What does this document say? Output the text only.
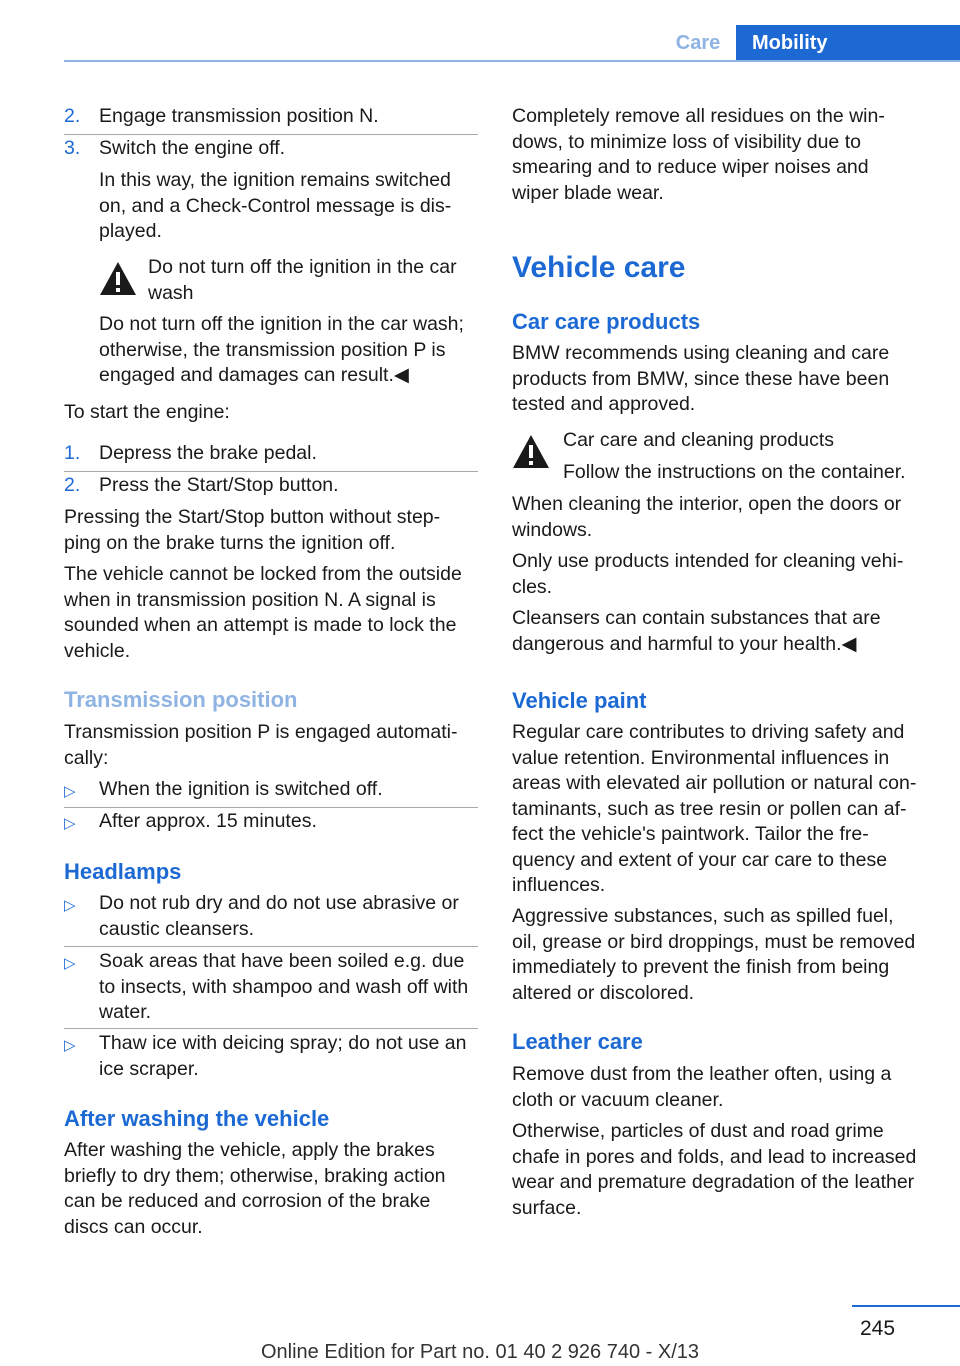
Care	Mobility
2. Engage transmission position N.
3. Switch the engine off.
In this way, the ignition remains switched
on, and a Check-Control message is dis-
played.
Do not turn off the ignition in the car
wash
Do not turn off the ignition in the car wash;
otherwise, the transmission position P is
engaged and damages can result.◀
To start the engine:
1. Depress the brake pedal.
2. Press the Start/Stop button.
Pressing the Start/Stop button without step-
ping on the brake turns the ignition off.
The vehicle cannot be locked from the outside
when in transmission position N. A signal is
sounded when an attempt is made to lock the
vehicle.
Transmission position
Transmission position P is engaged automati-
cally:
▷ When the ignition is switched off.
▷ After approx. 15 minutes.
Headlamps
▷ Do not rub dry and do not use abrasive or
caustic cleansers.
▷ Soak areas that have been soiled e.g. due
to insects, with shampoo and wash off with
water.
▷ Thaw ice with deicing spray; do not use an
ice scraper.
After washing the vehicle
After washing the vehicle, apply the brakes
briefly to dry them; otherwise, braking action
can be reduced and corrosion of the brake
discs can occur.
Completely remove all residues on the win-
dows, to minimize loss of visibility due to
smearing and to reduce wiper noises and
wiper blade wear.
Vehicle care
Car care products
BMW recommends using cleaning and care
products from BMW, since these have been
tested and approved.
Car care and cleaning products
Follow the instructions on the container.
When cleaning the interior, open the doors or
windows.
Only use products intended for cleaning vehi-
cles.
Cleansers can contain substances that are
dangerous and harmful to your health.◀
Vehicle paint
Regular care contributes to driving safety and
value retention. Environmental influences in
areas with elevated air pollution or natural con-
taminants, such as tree resin or pollen can af-
fect the vehicle's paintwork. Tailor the fre-
quency and extent of your car care to these
influences.
Aggressive substances, such as spilled fuel,
oil, grease or bird droppings, must be removed
immediately to prevent the finish from being
altered or discolored.
Leather care
Remove dust from the leather often, using a
cloth or vacuum cleaner.
Otherwise, particles of dust and road grime
chafe in pores and folds, and lead to increased
wear and premature degradation of the leather
surface.
245
Online Edition for Part no. 01 40 2 926 740 - X/13
